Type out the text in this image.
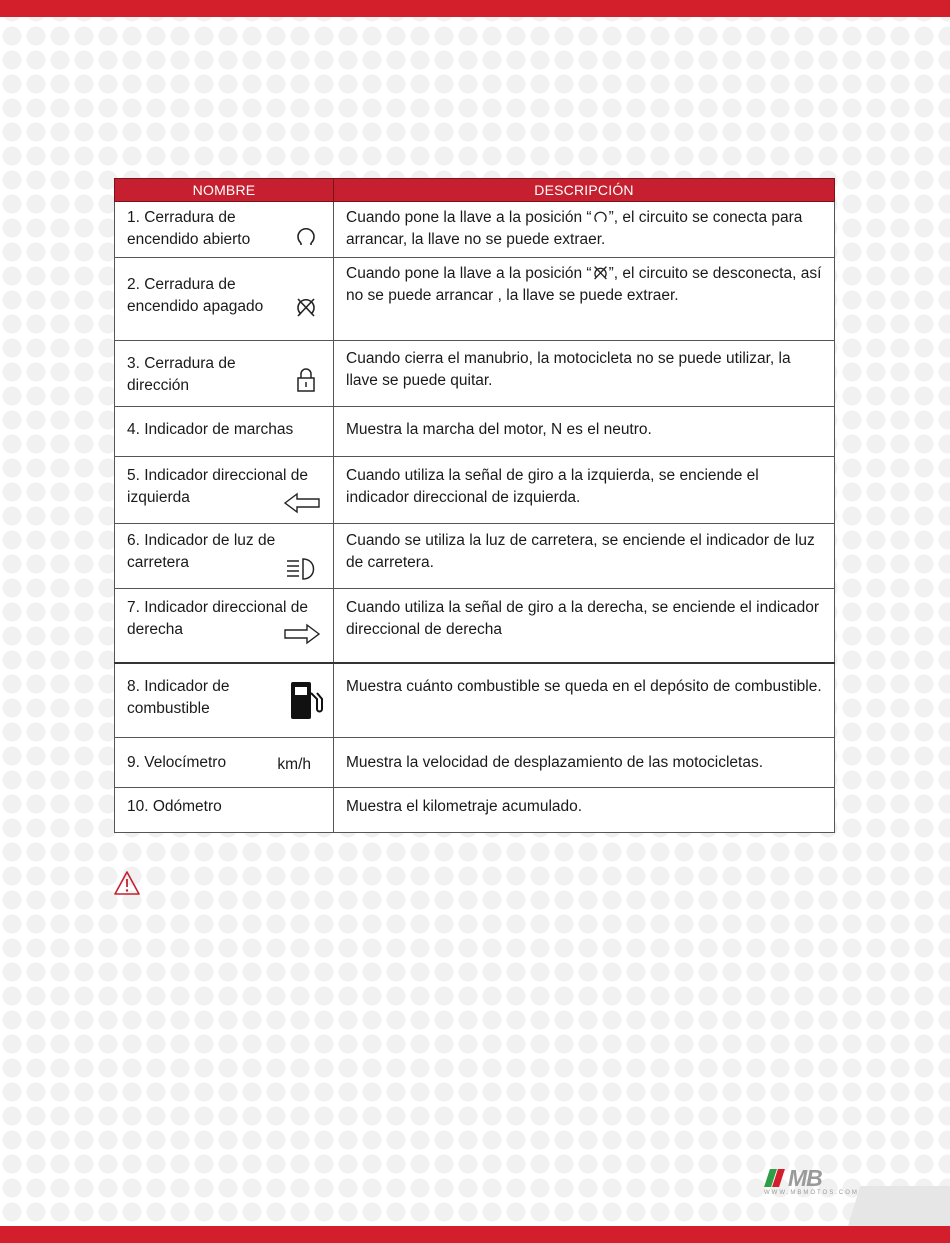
NOMBRE	DESCRIPCIÓN

1. Cerradura de encendido abierto	Cuando pone la llave a la posición “ ”, el circuito se conecta para arrancar, la llave no se puede extraer.

2. Cerradura de encendido apagado	Cuando pone la llave a la posición “ ”, el circuito se desconecta, así no se puede arrancar , la llave se puede extraer.

3. Cerradura de dirección	Cuando cierra el manubrio, la motocicleta no se puede utilizar, la llave se puede quitar.

4. Indicador de marchas	Muestra la marcha del motor, N es el neutro.

5. Indicador direccional de izquierda	Cuando utiliza la señal de giro a la izquierda, se enciende el indicador direccional de izquierda.

6. Indicador de luz de carretera	Cuando se utiliza la luz de carretera, se enciende el indicador de luz de carretera.

7. Indicador direccional de derecha	Cuando utiliza la señal de giro a la derecha, se enciende el indicador direccional de derecha

8. Indicador de combustible	Muestra cuánto combustible se queda en el depósito de combustible.
9. Velocímetro km/h	Muestra la velocidad de desplazamiento de las motocicletas.
10. Odómetro	Muestra el kilometraje acumulado.
MB
WWW.MBMOTOS.COM
